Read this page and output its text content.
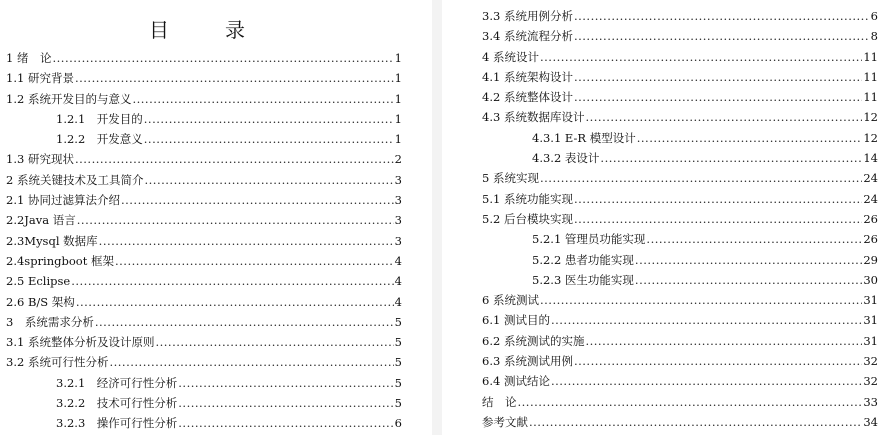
目　录
1 绪　论 .....	1
1.1 研究背景 .....	1
1.2 系统开发目的与意义 .....	1
1.2.1　开发目的 .....	1
1.2.2　开发意义 .....	1
1.3 研究现状 .....	2
2 系统关键技术及工具简介 .....	3
2.1 协同过滤算法介绍 .....	3
2.2Java 语言 .....	3
2.3Mysql 数据库 .....	3
2.4springboot 框架 .....	4
2.5 Eclipse .....	4
2.6 B/S 架构 .....	4
3　系统需求分析 .....	5
3.1 系统整体分析及设计原则 .....	5
3.2 系统可行性分析 .....	5
3.2.1　经济可行性分析 .....	5
3.2.2　技术可行性分析 .....	5
3.2.3　操作可行性分析 .....	6
3.3 系统用例分析 .....	6
3.4 系统流程分析 .....	8
4 系统设计 .....	11
4.1 系统架构设计 .....	11
4.2 系统整体设计 .....	11
4.3 系统数据库设计 .....	12
4.3.1 E-R 模型设计 .....	12
4.3.2 表设计 .....	14
5 系统实现 .....	24
5.1 系统功能实现 .....	24
5.2 后台模块实现 .....	26
5.2.1 管理员功能实现 .....	26
5.2.2 患者功能实现 .....	29
5.2.3 医生功能实现 .....	30
6 系统测试 .....	31
6.1 测试目的 .....	31
6.2 系统测试的实施 .....	31
6.3 系统测试用例 .....	32
6.4 测试结论 .....	32
结　论 .....	33
参考文献 .....	34
